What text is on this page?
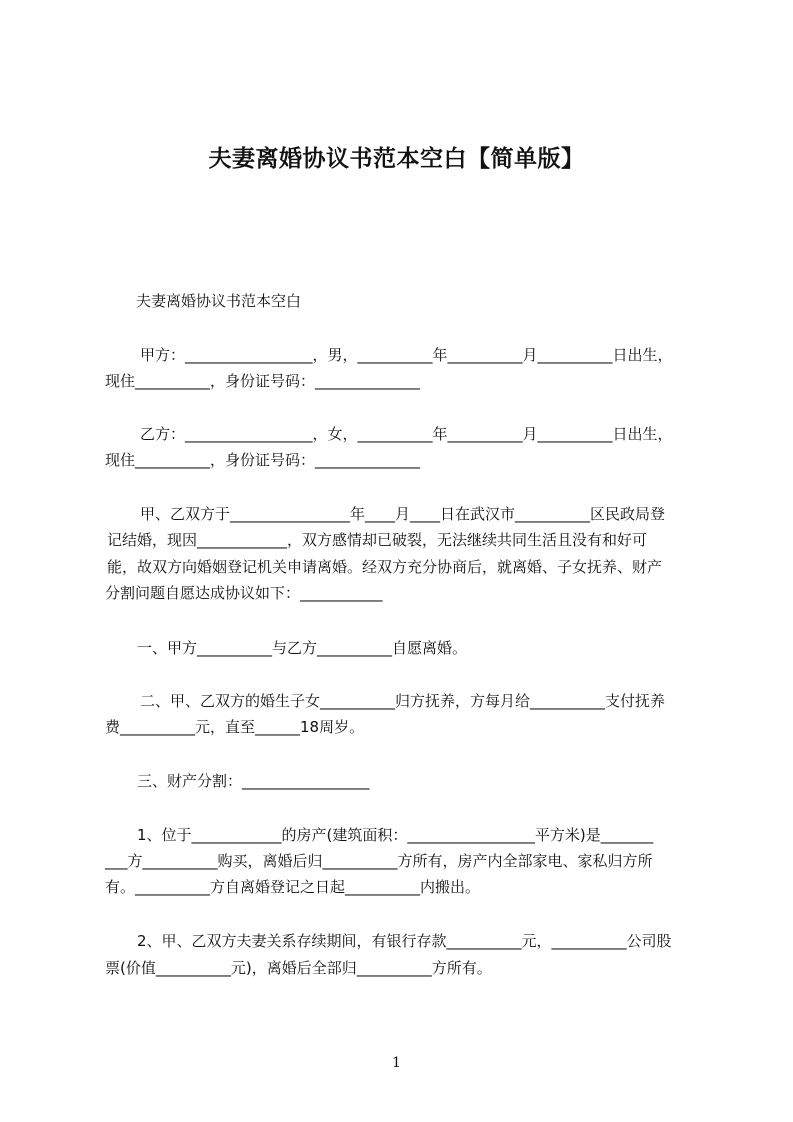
夫妻离婚协议书范本空白【简单版】
夫妻离婚协议书范本空白
甲方：_________________，男，__________年__________月__________日出生，
现住__________，身份证号码：______________
乙方：_________________，女，__________年__________月__________日出生，
现住__________，身份证号码：______________
甲、乙双方于________________年____月____日在武汉市__________区民政局登
记结婚，现因____________，双方感情却已破裂，无法继续共同生活且没有和好可
能，故双方向婚姻登记机关申请离婚。经双方充分协商后，就离婚、子女抚养、财产
分割问题自愿达成协议如下：___________
一、甲方__________与乙方__________自愿离婚。
二、甲、乙双方的婚生子女__________归方抚养，方每月给__________支付抚养
费__________元，直至______18周岁。
三、财产分割：_________________
1、位于____________的房产(建筑面积：_________________平方米)是_______
___方__________购买，离婚后归__________方所有，房产内全部家电、家私归方所
有。__________方自离婚登记之日起__________内搬出。
2、甲、乙双方夫妻关系存续期间，有银行存款__________元，__________公司股
票(价值__________元)，离婚后全部归__________方所有。
1
